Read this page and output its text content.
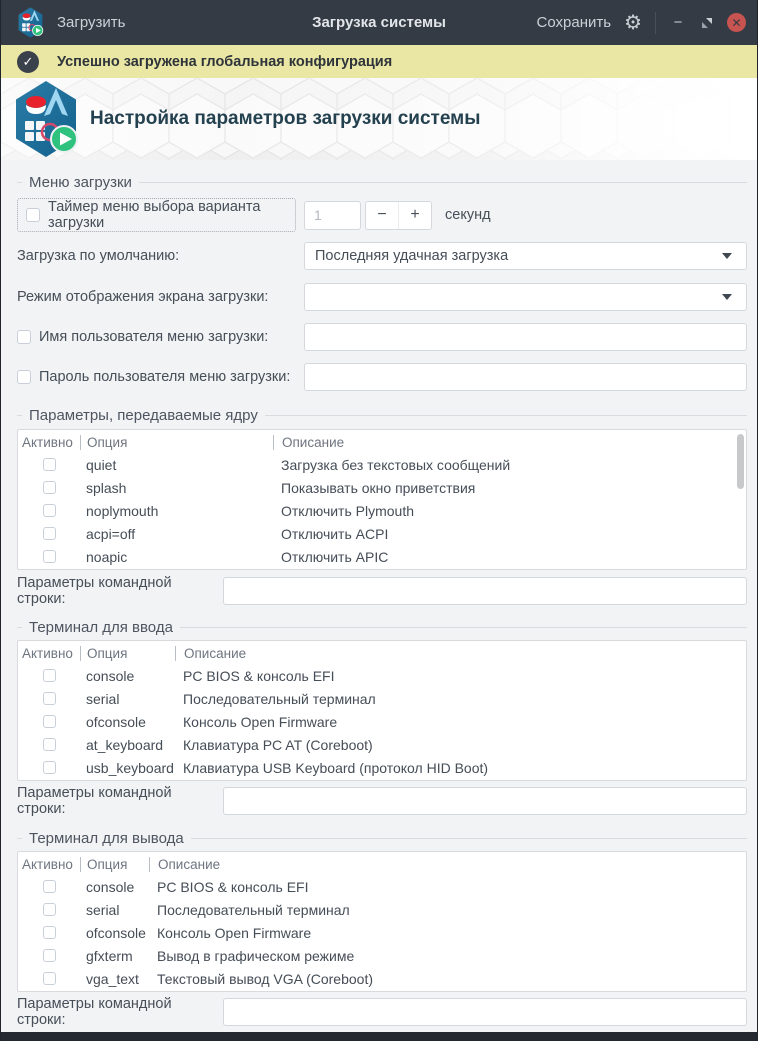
Загрузить	Загрузка системы	Сохранить ⚙	−	✕
✓	Успешно загружена глобальная конфигурация
Настройка параметров загрузки системы
Меню загрузки
Таймер меню выбора варианта загрузки
1	−	+	секунд
Загрузка по умолчанию:	Последняя удачная загрузка
Режим отображения экрана загрузки:
Имя пользователя меню загрузки:
Пароль пользователя меню загрузки:
Параметры, передаваемые ядру
Активно	Опция	Описание
quiet	Загрузка без текстовых сообщений
splash	Показывать окно приветствия
noplymouth	Отключить Plymouth
acpi=off	Отключить ACPI
noapic	Отключить APIC
Параметры командной строки:
Терминал для ввода
Активно	Опция	Описание
console	PC BIOS & консоль EFI
serial	Последовательный терминал
ofconsole	Консоль Open Firmware
at_keyboard	Клавиатура PC AT (Coreboot)
usb_keyboard Клавиатура USB Keyboard (протокол HID Boot)
Параметры командной строки:
Терминал для вывода
Активно	Опция	Описание
console	PC BIOS & консоль EFI
serial	Последовательный терминал
ofconsole Консоль Open Firmware
gfxterm	Вывод в графическом режиме
vga_text	Текстовый вывод VGA (Coreboot)
Параметры командной строки:
